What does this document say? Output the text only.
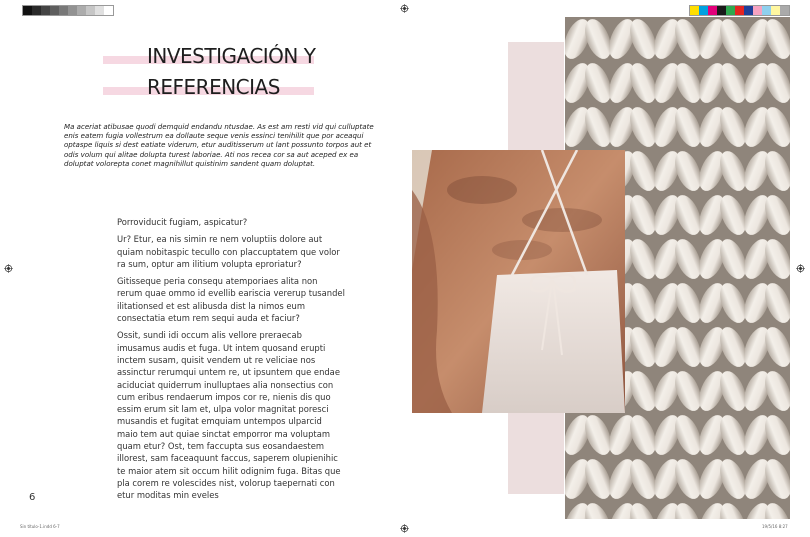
INVESTIGACIÓN Y
REFERENCIAS
Ma aceriat atibusae quodi demquid endandu ntusdae. As est am resti vid qui culluptate enis eatem fugia vollestrum ea dollaute seque venis essinci tenihilit que por aceaqui optaspe liquis si dest eatiate viderum, etur auditisserum ut lant possunto torpos aut et odis volum qui alitae dolupta turest laboriae. Ati nos recea cor sa aut aceped ex ea doluptat volorepta conet magnihillut quistinim sandent quam doluptat.

Porroviducit fugiam, aspicatur?

Ur? Etur, ea nis simin re nem voluptiis dolore aut quiam nobitaspic tecullo con placcuptatem que volor ra sum, optur am ilitium volupta eproriatur?

Gitisseque peria consequ atemporiaes alita non rerum quae ommo id evellib eariscia vererup tusandel ilitationsed et est alibusda dist la nimos eum consectatia etum rem sequi auda et faciur?

Ossit, sundi idi occum alis vellore preraecab imusamus audis et fuga. Ut intem quosand erupti inctem susam, quisit vendem ut re veliciae nos assinctur rerumqui untem re, ut ipsuntem que endae aciduciat quiderrum inulluptaes alia nonsectius con cum eribus rendaerum impos cor re, nienis dis quo essim erum sit lam et, ulpa volor magnitat poresci musandis et fugitat emquiam untempos ulparcid maio tem aut quiae sinctat emporror ma voluptam quam etur? Ost, tem faccupta sus eosandaestem illorest, sam faceaquunt faccus, saperem olupienihic te maior atem sit occum hilit odignim fuga. Bitas que pla corem re volescides nist, volorup taepernati con etur moditas min eveles

6
Sin título-1.indd 6-7	19/5/16 8:27
